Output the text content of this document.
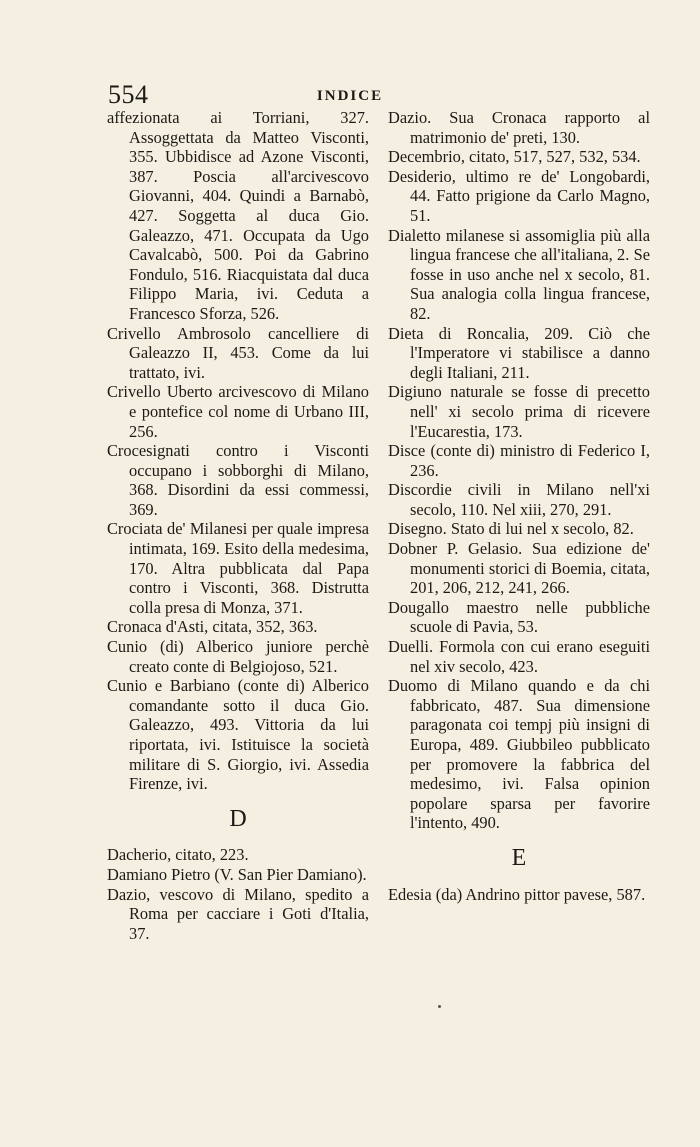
554	INDICE

affezionata ai Torriani, 327. Assoggettata da Matteo Visconti, 355. Ubbidisce ad Azone Visconti, 387. Poscia all'arcivescovo Giovanni, 404. Quindi a Barnabò, 427. Soggetta al duca Gio. Galeazzo, 471. Occupata da Ugo Cavalcabò, 500. Poi da Gabrino Fondulo, 516. Riacquistata dal duca Filippo Maria, ivi. Ceduta a Francesco Sforza, 526.

Crivello Ambrosolo cancelliere di Galeazzo II, 453. Come da lui trattato, ivi.

Crivello Uberto arcivescovo di Milano e pontefice col nome di Urbano III, 256.

Crocesignati contro i Visconti occupano i sobborghi di Milano, 368. Disordini da essi commessi, 369.

Crociata de' Milanesi per quale impresa intimata, 169. Esito della medesima, 170. Altra pubblicata dal Papa contro i Visconti, 368. Distrutta colla presa di Monza, 371.

Cronaca d'Asti, citata, 352, 363.

Cunio (di) Alberico juniore perchè creato conte di Belgiojoso, 521.

Cunio e Barbiano (conte di) Alberico comandante sotto il duca Gio. Galeazzo, 493. Vittoria da lui riportata, ivi. Istituisce la società militare di S. Giorgio, ivi. Assedia Firenze, ivi.

D

Dacherio, citato, 223.

Damiano Pietro (V. San Pier Damiano).

Dazio, vescovo di Milano, spedito a Roma per cacciare i Goti d'Italia, 37.

Dazio. Sua Cronaca rapporto al matrimonio de' preti, 130.

Decembrio, citato, 517, 527, 532, 534.

Desiderio, ultimo re de' Longobardi, 44. Fatto prigione da Carlo Magno, 51.

Dialetto milanese si assomiglia più alla lingua francese che all'italiana, 2. Se fosse in uso anche nel x secolo, 81. Sua analogia colla lingua francese, 82.

Dieta di Roncalia, 209. Ciò che l'Imperatore vi stabilisce a danno degli Italiani, 211.

Digiuno naturale se fosse di precetto nell' xi secolo prima di ricevere l'Eucarestia, 173.

Disce (conte di) ministro di Federico I, 236.

Discordie civili in Milano nell'xi secolo, 110. Nel xiii, 270, 291.

Disegno. Stato di lui nel x secolo, 82.

Dobner P. Gelasio. Sua edizione de' monumenti storici di Boemia, citata, 201, 206, 212, 241, 266.

Dougallo maestro nelle pubbliche scuole di Pavia, 53.

Duelli. Formola con cui erano eseguiti nel xiv secolo, 423.

Duomo di Milano quando e da chi fabbricato, 487. Sua dimensione paragonata coi tempj più insigni di Europa, 489. Giubbileo pubblicato per promovere la fabbrica del medesimo, ivi. Falsa opinion popolare sparsa per favorire l'intento, 490.

E

Edesia (da) Andrino pittor pavese, 587.
